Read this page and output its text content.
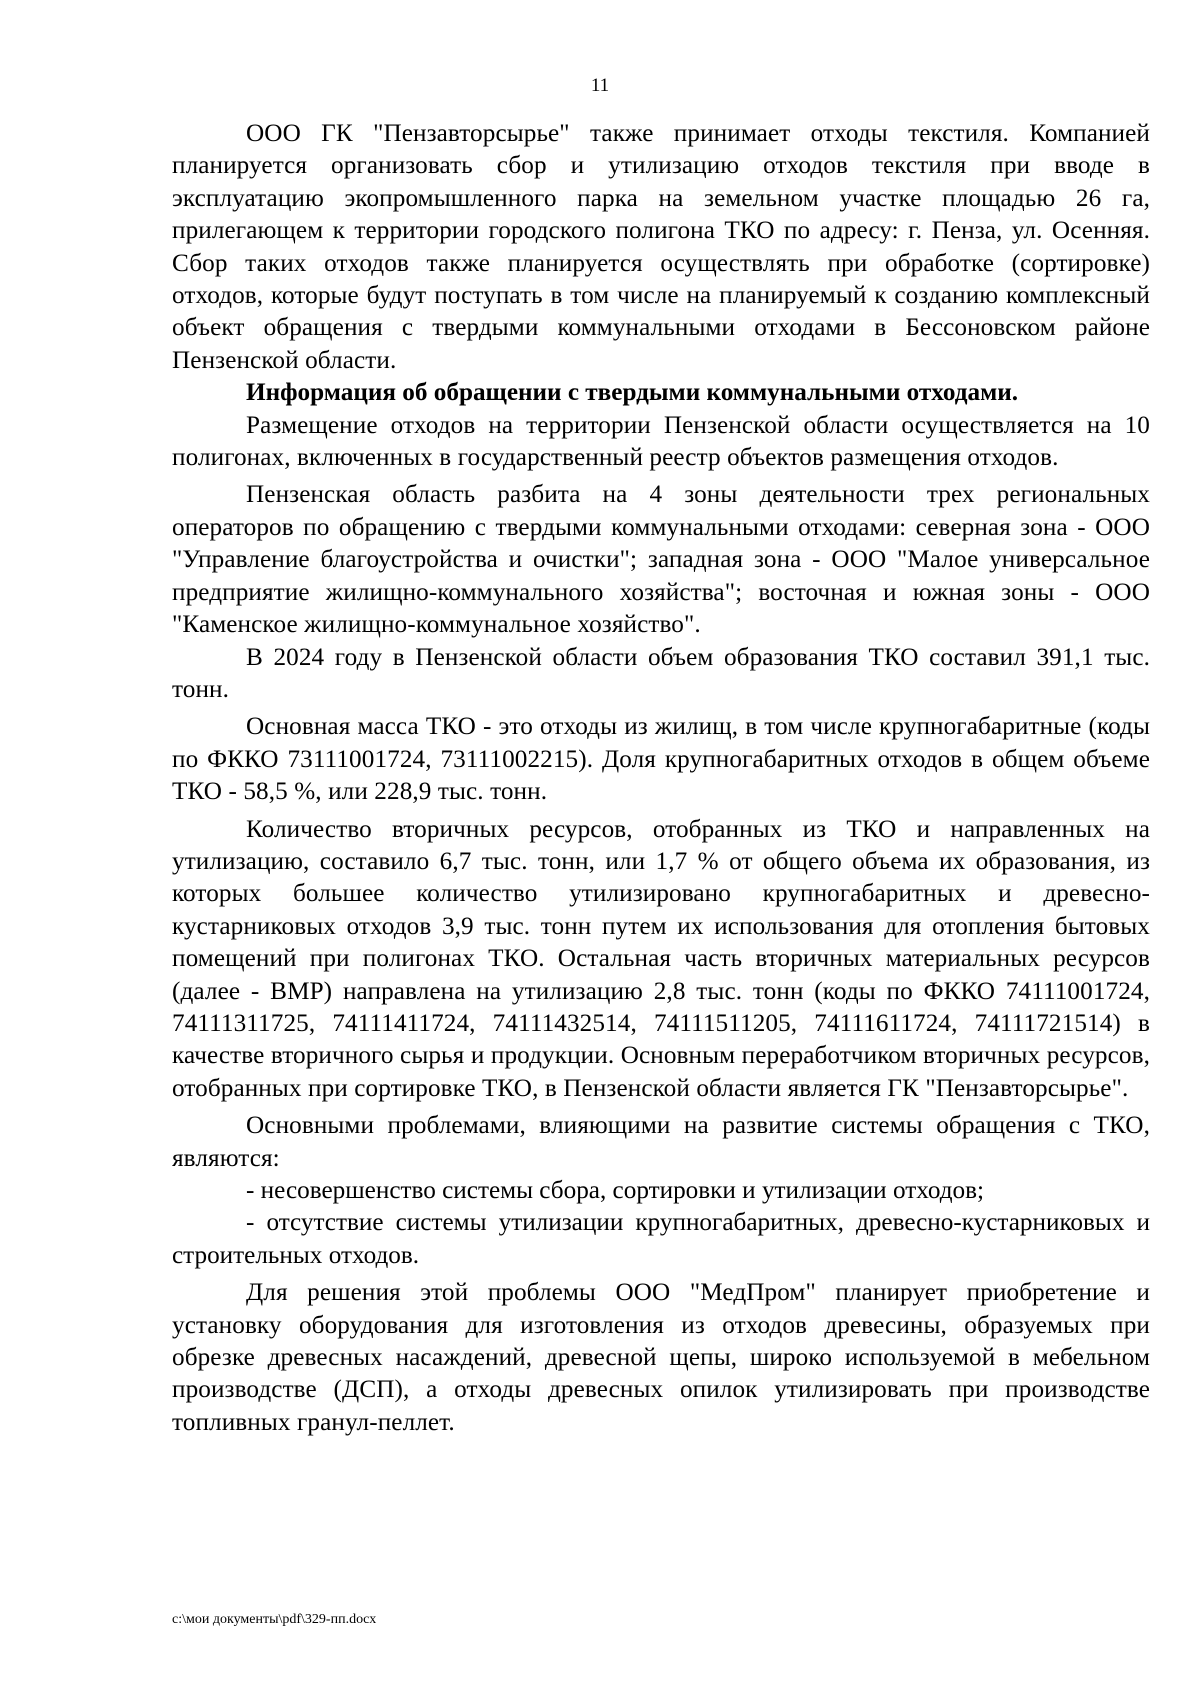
11

ООО ГК "Пензавторсырье" также принимает отходы текстиля. Компанией планируется организовать сбор и утилизацию отходов текстиля при вводе в эксплуатацию экопромышленного парка на земельном участке площадью 26 га, прилегающем к территории городского полигона ТКО по адресу: г. Пенза, ул. Осенняя. Сбор таких отходов также планируется осуществлять при обработке (сортировке) отходов, которые будут поступать в том числе на планируемый к созданию комплексный объект обращения с твердыми коммунальными отходами в Бессоновском районе Пензенской области.

Информация об обращении с твердыми коммунальными отходами.

Размещение отходов на территории Пензенской области осуществляется на 10 полигонах, включенных в государственный реестр объектов размещения отходов.

Пензенская область разбита на 4 зоны деятельности трех региональных операторов по обращению с твердыми коммунальными отходами: северная зона - ООО "Управление благоустройства и очистки"; западная зона - ООО "Малое универсальное предприятие жилищно-коммунального хозяйства"; восточная и южная зоны - ООО "Каменское жилищно-коммунальное хозяйство".

В 2024 году в Пензенской области объем образования ТКО составил 391,1 тыс. тонн.

Основная масса ТКО - это отходы из жилищ, в том числе крупногабаритные (коды по ФККО 73111001724, 73111002215). Доля крупногабаритных отходов в общем объеме ТКО - 58,5 %, или 228,9 тыс. тонн.

Количество вторичных ресурсов, отобранных из ТКО и направленных на утилизацию, составило 6,7 тыс. тонн, или 1,7 % от общего объема их образования, из которых большее количество утилизировано крупногабаритных и древесно-кустарниковых отходов 3,9 тыс. тонн путем их использования для отопления бытовых помещений при полигонах ТКО. Остальная часть вторичных материальных ресурсов (далее - ВМР) направлена на утилизацию 2,8 тыс. тонн (коды по ФККО 74111001724, 74111311725, 74111411724, 74111432514, 74111511205, 74111611724, 74111721514) в качестве вторичного сырья и продукции. Основным переработчиком вторичных ресурсов, отобранных при сортировке ТКО, в Пензенской области является ГК "Пензавторсырье".

Основными проблемами, влияющими на развитие системы обращения с ТКО, являются:

- несовершенство системы сбора, сортировки и утилизации отходов;

- отсутствие системы утилизации крупногабаритных, древесно-кустарниковых и строительных отходов.

Для решения этой проблемы ООО "МедПром" планирует приобретение и установку оборудования для изготовления из отходов древесины, образуемых при обрезке древесных насаждений, древесной щепы, широко используемой в мебельном производстве (ДСП), а отходы древесных опилок утилизировать при производстве топливных гранул-пеллет.

c:\мои документы\pdf\329-пп.docx
